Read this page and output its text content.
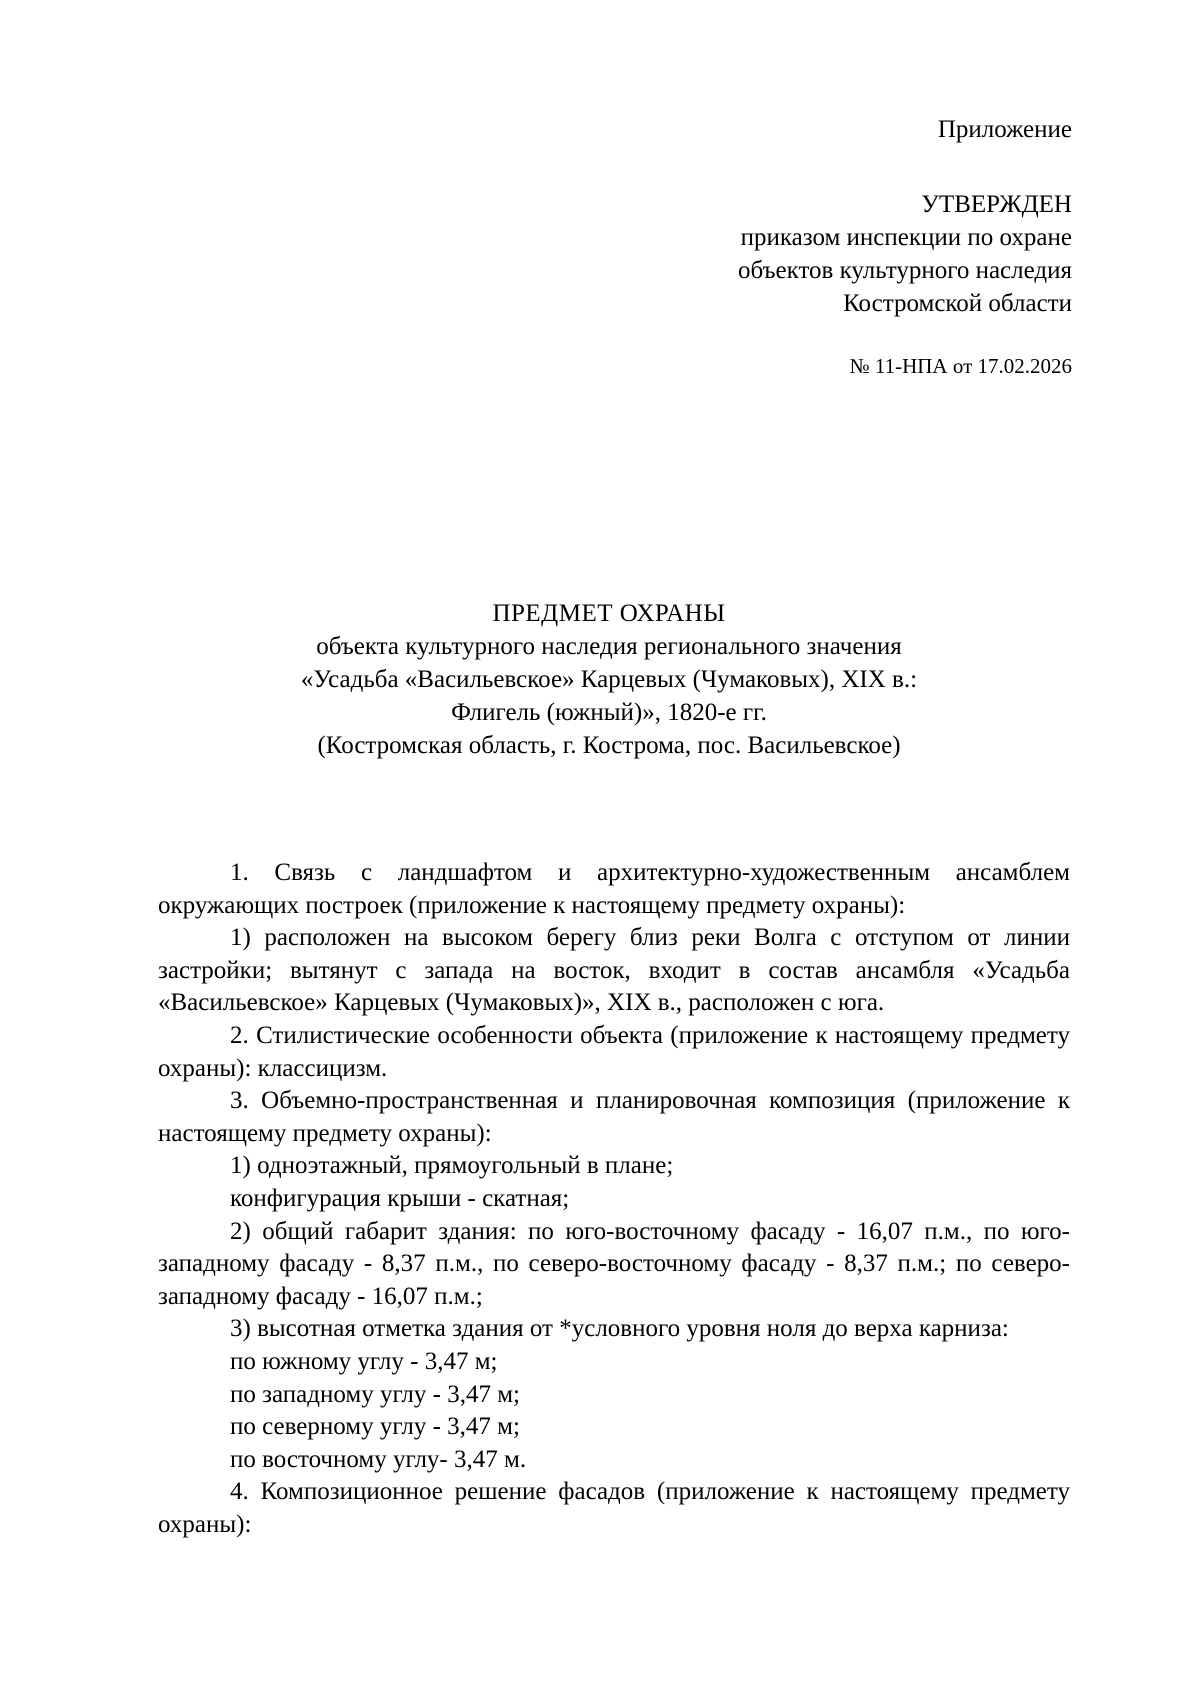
Приложение
УТВЕРЖДЕН
приказом инспекции по охране
объектов культурного наследия
Костромской области
№ 11-НПА от 17.02.2026
ПРЕДМЕТ ОХРАНЫ
объекта культурного наследия регионального значения
«Усадьба «Васильевское» Карцевых (Чумаковых), XIX в.:
Флигель (южный)», 1820-е гг.
(Костромская область, г. Кострома, пос. Васильевское)

1. Связь с ландшафтом и архитектурно-художественным ансамблем окружающих построек (приложение к настоящему предмету охраны):

1) расположен на высоком берегу близ реки Волга с отступом от линии застройки; вытянут с запада на восток, входит в состав ансамбля «Усадьба «Васильевское» Карцевых (Чумаковых)», XIX в., расположен с юга.

2. Стилистические особенности объекта (приложение к настоящему предмету охраны): классицизм.

3. Объемно-пространственная и планировочная композиция (приложение к настоящему предмету охраны):

1) одноэтажный, прямоугольный в плане;

конфигурация крыши - скатная;

2) общий габарит здания: по юго-восточному фасаду - 16,07 п.м., по юго-западному фасаду - 8,37 п.м., по северо-восточному фасаду - 8,37 п.м.; по северо-западному фасаду - 16,07 п.м.;

3) высотная отметка здания от *условного уровня ноля до верха карниза:

по южному углу - 3,47 м;

по западному углу - 3,47 м;

по северному углу - 3,47 м;

по восточному углу- 3,47 м.

4. Композиционное решение фасадов (приложение к настоящему предмету охраны):
